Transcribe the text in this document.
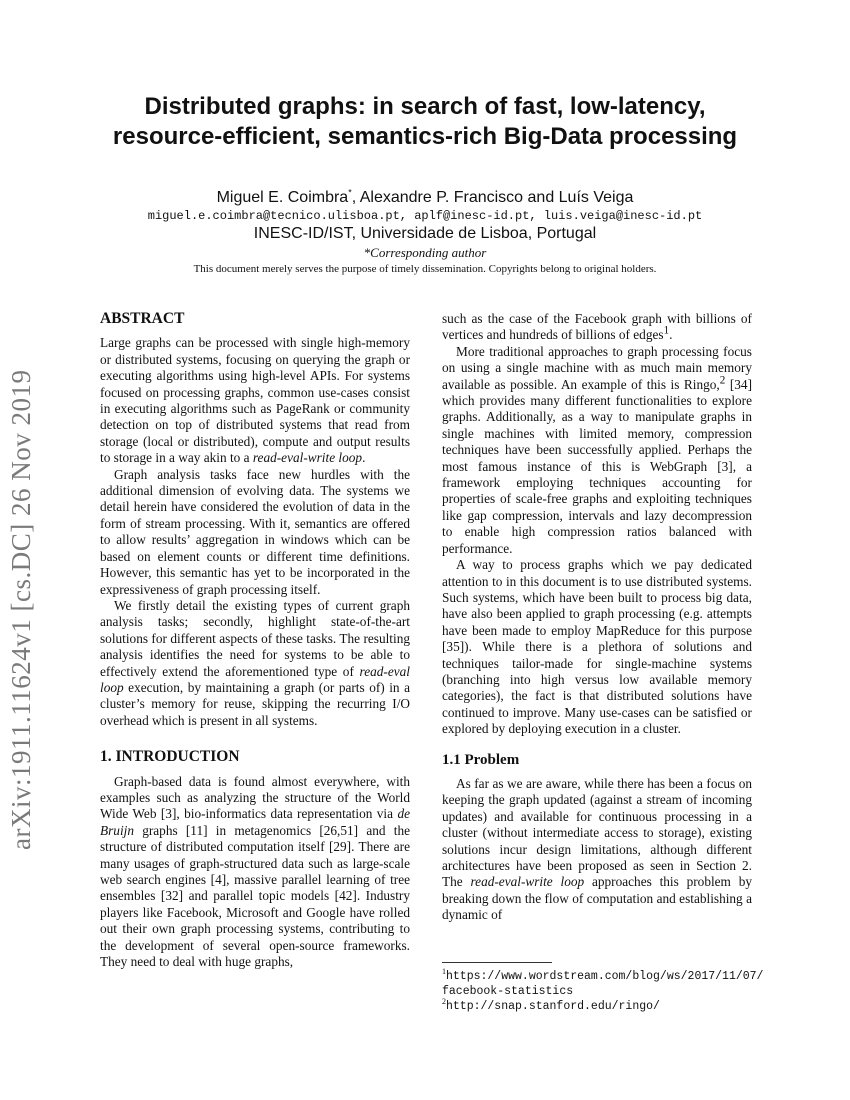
arXiv:1911.11624v1 [cs.DC] 26 Nov 2019
Distributed graphs: in search of fast, low-latency,
resource-efficient, semantics-rich Big-Data processing
Miguel E. Coimbra*, Alexandre P. Francisco and Luís Veiga
miguel.e.coimbra@tecnico.ulisboa.pt, aplf@inesc-id.pt, luis.veiga@inesc-id.pt
INESC-ID/IST, Universidade de Lisboa, Portugal
*Corresponding author
This document merely serves the purpose of timely dissemination. Copyrights belong to original holders.
ABSTRACT

Large graphs can be processed with single high-memory or distributed systems, focusing on querying the graph or executing algorithms using high-level APIs. For systems focused on processing graphs, common use-cases consist in executing algorithms such as PageRank or community detection on top of distributed systems that read from storage (local or distributed), compute and output results to storage in a way akin to a read-eval-write loop.

Graph analysis tasks face new hurdles with the additional dimension of evolving data. The systems we detail herein have considered the evolution of data in the form of stream processing. With it, semantics are offered to allow results’ aggregation in windows which can be based on element counts or different time definitions. However, this semantic has yet to be incorporated in the expressiveness of graph processing itself.

We firstly detail the existing types of current graph analysis tasks; secondly, highlight state-of-the-art solutions for different aspects of these tasks. The resulting analysis identifies the need for systems to be able to effectively extend the aforementioned type of read-eval loop execution, by maintaining a graph (or parts of) in a cluster’s memory for reuse, skipping the recurring I/O overhead which is present in all systems.

1. INTRODUCTION

Graph-based data is found almost everywhere, with examples such as analyzing the structure of the World Wide Web [3], bio-informatics data representation via de Bruijn graphs [11] in metagenomics [26,51] and the structure of distributed computation itself [29]. There are many usages of graph-structured data such as large-scale web search engines [4], massive parallel learning of tree ensembles [32] and parallel topic models [42]. Industry players like Facebook, Microsoft and Google have rolled out their own graph processing systems, contributing to the development of several open-source frameworks. They need to deal with huge graphs,

such as the case of the Facebook graph with billions of vertices and hundreds of billions of edges$^1$.

More traditional approaches to graph processing focus on using a single machine with as much main memory available as possible. An example of this is Ringo,$^2$ [34] which provides many different functionalities to explore graphs. Additionally, as a way to manipulate graphs in single machines with limited memory, compression techniques have been successfully applied. Perhaps the most famous instance of this is WebGraph [3], a framework employing techniques accounting for properties of scale-free graphs and exploiting techniques like gap compression, intervals and lazy decompression to enable high compression ratios balanced with performance.

A way to process graphs which we pay dedicated attention to in this document is to use distributed systems. Such systems, which have been built to process big data, have also been applied to graph processing (e.g. attempts have been made to employ MapReduce for this purpose [35]). While there is a plethora of solutions and techniques tailor-made for single-machine systems (branching into high versus low available memory categories), the fact is that distributed solutions have continued to improve. Many use-cases can be satisfied or explored by deploying execution in a cluster.

1.1 Problem

As far as we are aware, while there has been a focus on keeping the graph updated (against a stream of incoming updates) and available for continuous processing in a cluster (without intermediate access to storage), existing solutions incur design limitations, although different architectures have been proposed as seen in Section 2. The read-eval-write loop approaches this problem by breaking down the flow of computation and establishing a dynamic of

$^1$https://www.wordstream.com/blog/ws/2017/11/07/
facebook-statistics
$^2$http://snap.stanford.edu/ringo/
